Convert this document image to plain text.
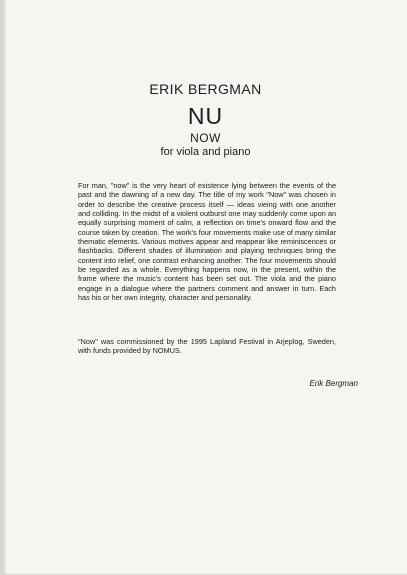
ERIK BERGMAN
NU
NOW
for viola and piano

For man, "now" is the very heart of existence lying between the events of the past and the dawning of a new day. The title of my work "Now" was chosen in order to describe the creative process itself — ideas vieing with one another and colliding. In the midst of a violent outburst one may suddenly come upon an equally surprising moment of calm, a reflection on time's onward flow and the course taken by creation. The work's four movements make use of many similar thematic elements. Various motives appear and reappear like reminiscences or flashbacks. Different shades of illumination and playing techniques bring the content into relief, one contrast enhancing another. The four movements should be regarded as a whole. Everything happens now, in the present, within the frame where the music's content has been set out. The viola and the piano engage in a dialogue where the partners comment and answer in turn. Each has his or her own integrity, character and personality.

"Now" was commissioned by the 1995 Lapland Festival in Arjeplog, Sweden, with funds provided by NOMUS.

Erik Bergman
